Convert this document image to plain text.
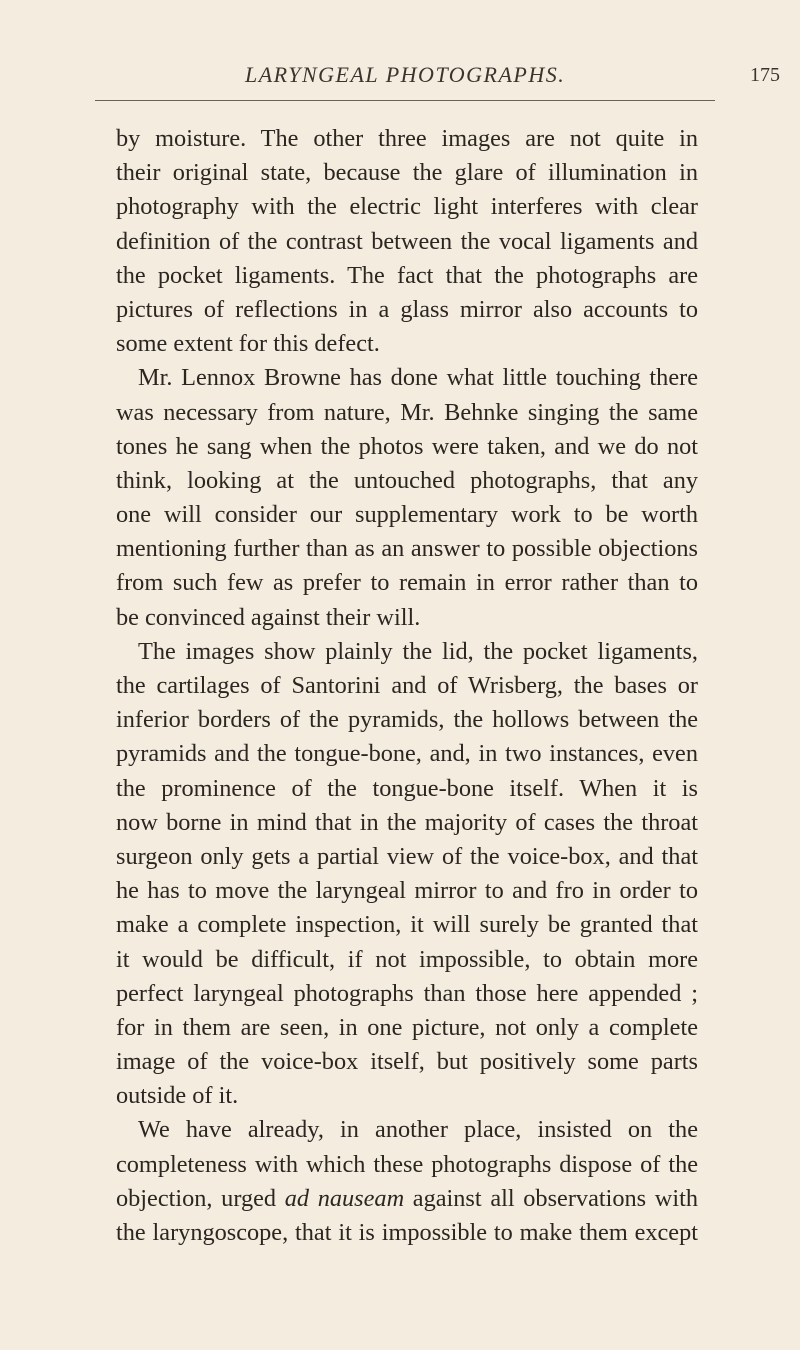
LARYNGEAL PHOTOGRAPHS.	175
by moisture. The other three images are not quite in
their original state, because the glare of illumination in
photography with the electric light interferes with clear
definition of the contrast between the vocal ligaments and
the pocket ligaments. The fact that the photographs are
pictures of reflections in a glass mirror also accounts to
some extent for this defect.
Mr. Lennox Browne has done what little touching there
was necessary from nature, Mr. Behnke singing the same
tones he sang when the photos were taken, and we do not
think, looking at the untouched photographs, that any
one will consider our supplementary work to be worth
mentioning further than as an answer to possible objections
from such few as prefer to remain in error rather than to
be convinced against their will.
The images show plainly the lid, the pocket ligaments,
the cartilages of Santorini and of Wrisberg, the bases or
inferior borders of the pyramids, the hollows between the
pyramids and the tongue-bone, and, in two instances, even
the prominence of the tongue-bone itself. When it is
now borne in mind that in the majority of cases the throat
surgeon only gets a partial view of the voice-box, and that
he has to move the laryngeal mirror to and fro in order to
make a complete inspection, it will surely be granted that
it would be difficult, if not impossible, to obtain more
perfect laryngeal photographs than those here appended ;
for in them are seen, in one picture, not only a complete
image of the voice-box itself, but positively some parts
outside of it.
We have already, in another place, insisted on the
completeness with which these photographs dispose of the
objection, urged ad nauseam against all observations with
the laryngoscope, that it is impossible to make them except
